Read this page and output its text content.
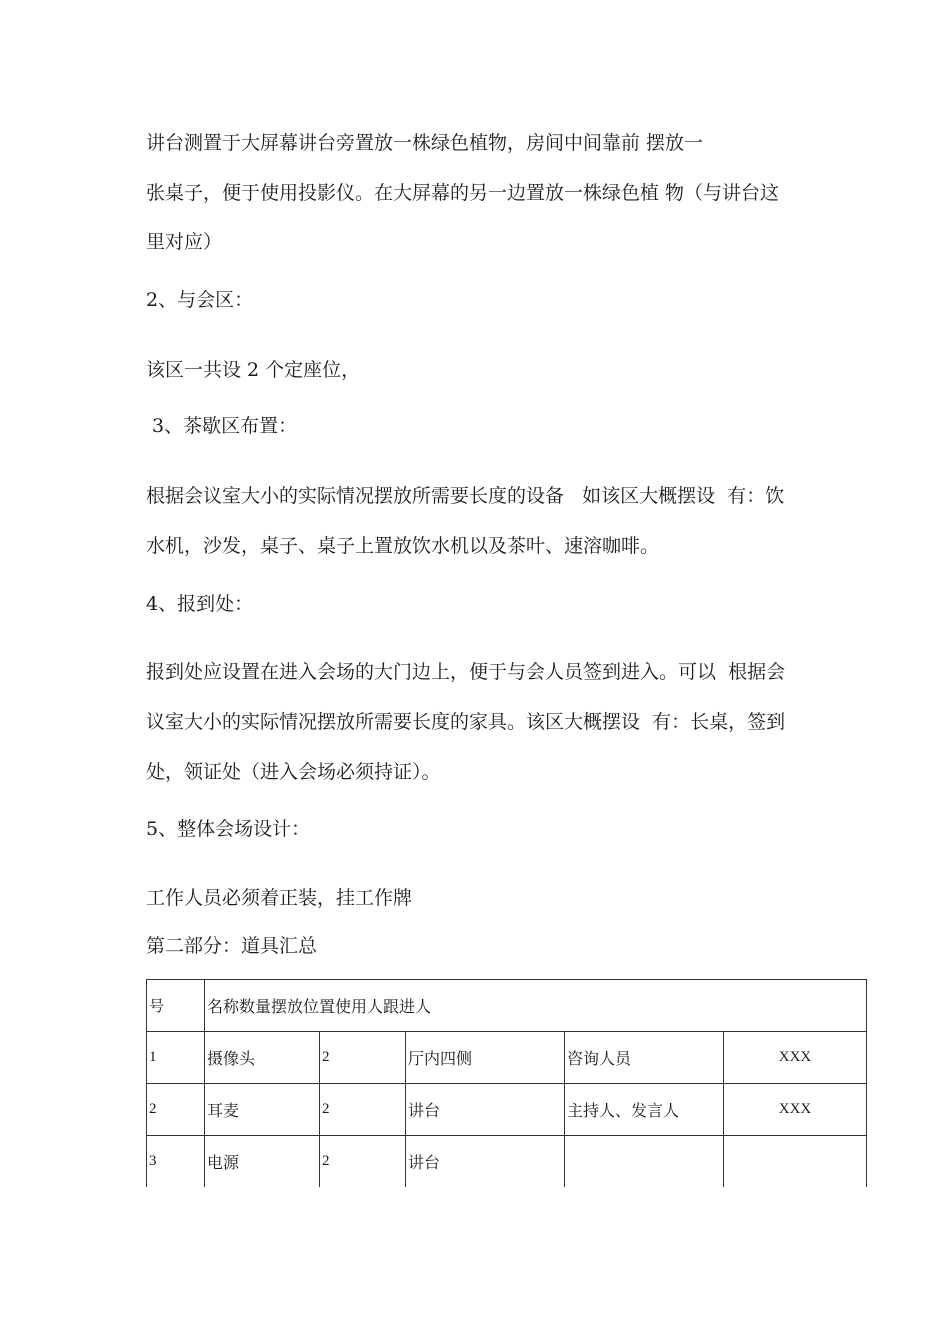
讲台测置于大屏幕讲台旁置放一株绿色植物，房间中间靠前 摆放一
张桌子，便于使用投影仪。在大屏幕的另一边置放一株绿色植 物（与讲台这
里对应）
2、与会区：
该区一共设 2 个定座位，
3、茶歇区布置：
根据会议室大小的实际情况摆放所需要长度的设备   如该区大概摆设  有：饮
水机，沙发，桌子、桌子上置放饮水机以及茶叶、速溶咖啡。
4、报到处：
报到处应设置在进入会场的大门边上，便于与会人员签到进入。可以  根据会
议室大小的实际情况摆放所需要长度的家具。该区大概摆设  有：长桌，签到
处，领证处（进入会场必须持证）。
5、整体会场设计：
工作人员必须着正装，挂工作牌
第二部分：道具汇总
号	名称数量摆放位置使用人跟进人				
1	摄像头	2	厅内四侧	咨询人员	XXX
2	耳麦	2	讲台	主持人、发言人	XXX
3	电源	2	讲台		
